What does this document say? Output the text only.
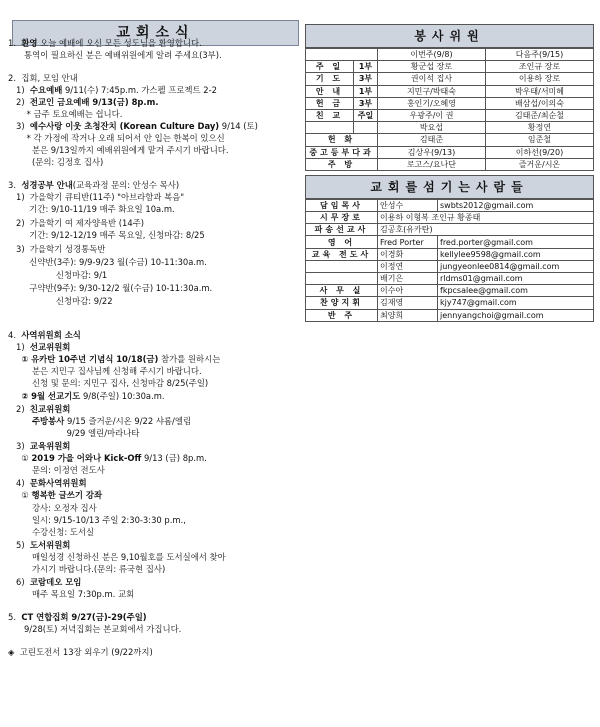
교회소식
1.  환영 오늘 예배에 오신 모든 성도님을 환영합니다.
통역이 필요하신 분은 예배위원에게 알려 주세요(3부).
2.  집회, 모임 안내
1)  수요예배 9/11(수) 7:45p.m. 가스펠 프로젝트 2-2
2)  전교인 금요예배 9/13(금) 8p.m.
* 금주 토요예배는 쉽니다.
3)  예수사랑 이웃 초청잔치 (Korean Culture Day) 9/14 (토)
* 각 가정에 작거나 오래 되어서 안 입는 한복이 있으신
분은 9/13일까지 예배위원에게 맡겨 주시기 바랍니다.
(문의: 김정호 집사)
3.  성경공부 안내(교육과정 문의: 안성수 목사)
1)  가을학기 큐티반(11주) "아브라함과 복음"
기간: 9/10-11/19 매주 화요일 10a.m.
2)  가을학기 여 제자양육반 (14주)
기간: 9/12-12/19 매주 목요일, 신청마감: 8/25
3)  가을학기 성경통독반
신약반(3주): 9/9-9/23 월(수금) 10-11:30a.m.
신청마감: 9/1
구약반(9주): 9/30-12/2 월(수금) 10-11:30a.m.
신청마감: 9/22
4.  사역위원회 소식
1)  선교위원회
① 유카탄 10주년 기념식 10/18(금) 참가를 원하시는
분은 지민구 집사님께 신청해 주시기 바랍니다.
신청 및 문의: 지민구 집사, 신청마감 8/25(주일)
② 9월 선교기도 9/8(주일) 10:30a.m.
2)  친교위원회
주방봉사 9/15 즐거운/시온 9/22 샤롬/엘림
9/29 엘린/마라나타
3)  교육위원회
① 2019 가을 어와나 Kick-Off 9/13 (금) 8p.m.
문의: 이정연 전도사
4)  문화사역위원회
① 행복한 글쓰기 강좌
강사: 오정자 집사
일시: 9/15-10/13 주일 2:30-3:30 p.m.,
수강신청: 도서실
5)  도서위원회
매일성경 신청하신 분은 9,10월호를 도서실에서 찾아
가시기 바랍니다.(문의: 류국현 집사)
6)  코람데오 모임
매주 목요일 7:30p.m. 교회
5.  CT 연합집회 9/27(금)-29(주일)
9/28(토) 저녁집회는 본교회에서 가집니다.
◈  고린도전서 13장 외우기 (9/22까지)
봉사위원
		이번주(9/8)	다음주(9/15)
주 일	1부	황군섭 장로	조인규 장로
기 도	3부	권이석 집사	이용하 장로
안 내	1부	지민구/박태숙	박우태/서미혜
헌 금	3부	홍인기/오혜영	배삼섭/이의숙
친 교	주일	우광주/이 권	김태준/최순철
		박요섭	황정연
헌 화		김태준	임준철
중고등부다과		김상우(9/13)	이하선(9/20)
주 방		로고스/요나단	즐거운/시온
교회를섬기는사람들
담임목사	안성수	swbts2012@gmail.com
시무장로	이용하 이형복 조인규 황종태	
파송선교사	김공호(유카탄)	
영 어	Fred Porter	fred.porter@gmail.com
교육 전도사	이경화	kellylee9598@gmail.com
	이정연	jungyeonlee0814@gmail.com
	배기은	rldms01@gmail.com
사 무 실	이수아	fkpcsalee@gmail.com
찬양지휘	김재영	kjy747@gmail.com
반 주	최양희	jennyangchoi@gmail.com
